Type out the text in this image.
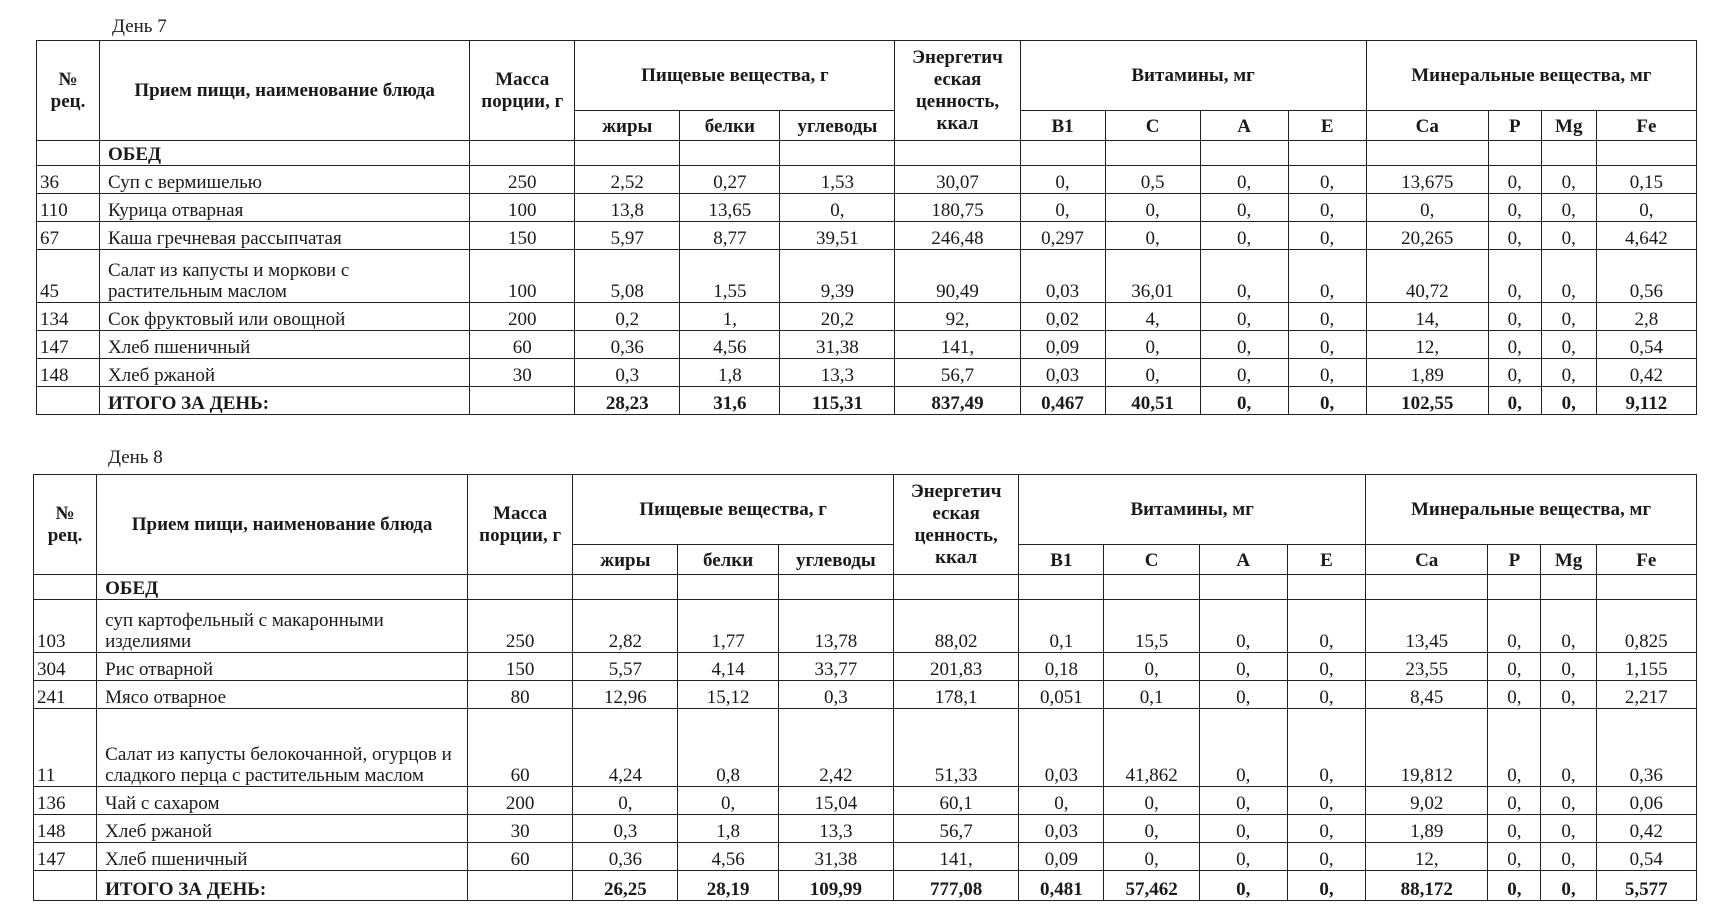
День 7
№ рец.	Прием пищи, наименование блюда	Масса порции, г	Пищевые вещества, г			Энергетич еская ценность, ккал	Витамины, мг				Минеральные вещества, мг			
			жиры	белки	углеводы		B1	C	A	E	Ca	P	Mg	Fe
	ОБЕД													
36	Суп с вермишелью	250	2,52	0,27	1,53	30,07	0,	0,5	0,	0,	13,675	0,	0,	0,15
110	Курица отварная	100	13,8	13,65	0,	180,75	0,	0,	0,	0,	0,	0,	0,	0,
67	Каша гречневая рассыпчатая	150	5,97	8,77	39,51	246,48	0,297	0,	0,	0,	20,265	0,	0,	4,642
45	Салат из капусты и моркови с растительным маслом	100	5,08	1,55	9,39	90,49	0,03	36,01	0,	0,	40,72	0,	0,	0,56
134	Сок фруктовый или овощной	200	0,2	1,	20,2	92,	0,02	4,	0,	0,	14,	0,	0,	2,8
147	Хлеб пшеничный	60	0,36	4,56	31,38	141,	0,09	0,	0,	0,	12,	0,	0,	0,54
148	Хлеб ржаной	30	0,3	1,8	13,3	56,7	0,03	0,	0,	0,	1,89	0,	0,	0,42
	ИТОГО ЗА ДЕНЬ:		28,23	31,6	115,31	837,49	0,467	40,51	0,	0,	102,55	0,	0,	9,112
День 8
№ рец.	Прием пищи, наименование блюда	Масса порции, г	Пищевые вещества, г			Энергетич еская ценность, ккал	Витамины, мг				Минеральные вещества, мг			
			жиры	белки	углеводы		B1	C	A	E	Ca	P	Mg	Fe
	ОБЕД													
103	суп картофельный с макаронными изделиями	250	2,82	1,77	13,78	88,02	0,1	15,5	0,	0,	13,45	0,	0,	0,825
304	Рис отварной	150	5,57	4,14	33,77	201,83	0,18	0,	0,	0,	23,55	0,	0,	1,155
241	Мясо отварное	80	12,96	15,12	0,3	178,1	0,051	0,1	0,	0,	8,45	0,	0,	2,217
11	Салат из капусты белокочанной, огурцов и сладкого перца с растительным маслом	60	4,24	0,8	2,42	51,33	0,03	41,862	0,	0,	19,812	0,	0,	0,36
136	Чай с сахаром	200	0,	0,	15,04	60,1	0,	0,	0,	0,	9,02	0,	0,	0,06
148	Хлеб ржаной	30	0,3	1,8	13,3	56,7	0,03	0,	0,	0,	1,89	0,	0,	0,42
147	Хлеб пшеничный	60	0,36	4,56	31,38	141,	0,09	0,	0,	0,	12,	0,	0,	0,54
	ИТОГО ЗА ДЕНЬ:		26,25	28,19	109,99	777,08	0,481	57,462	0,	0,	88,172	0,	0,	5,577
